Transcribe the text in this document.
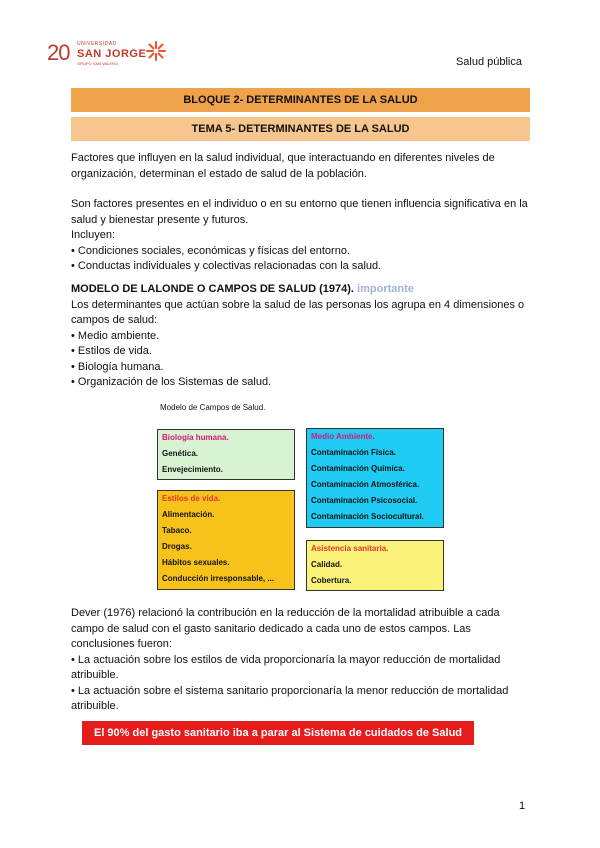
20 UNIVERSIDAD
SAN JORGE
GRUPO SAN VALERO	Salud pública
BLOQUE 2- DETERMINANTES DE LA SALUD
TEMA 5- DETERMINANTES DE LA SALUD

Factores que influyen en la salud individual, que interactuando en diferentes niveles de organización, determinan el estado de salud de la población.

Son factores presentes en el individuo o en su entorno que tienen influencia significativa en la salud y bienestar presente y futuros.

Incluyen:

• Condiciones sociales, económicas y físicas del entorno.

• Conductas individuales y colectivas relacionadas con la salud.

MODELO DE LALONDE O CAMPOS DE SALUD (1974). importante

Los determinantes que actúan sobre la salud de las personas los agrupa en 4 dimensiones o campos de salud:

• Medio ambiente.

• Estilos de vida.

• Biología humana.

• Organización de los Sistemas de salud.

Modelo de Campos de Salud.
Biología humana.
Genética.
Envejecimiento.
Medio Ambiente.
Contaminación Física.
Contaminación Química.
Contaminación Atmosférica.
Contaminación Psicosocial.
Contaminación Sociocultural.
Estilos de vida.
Alimentación.
Tabaco.
Drogas.
Hábitos sexuales.
Conducción irresponsable, ...
Asistencia sanitaria.
Calidad.
Cobertura.

Dever (1976) relacionó la contribución en la reducción de la mortalidad atribuible a cada campo de salud con el gasto sanitario dedicado a cada uno de estos campos. Las conclusiones fueron:

• La actuación sobre los estilos de vida proporcionaría la mayor reducción de mortalidad atribuible.

• La actuación sobre el sistema sanitario proporcionaría la menor reducción de mortalidad atribuible.

El 90% del gasto sanitario iba a parar al Sistema de cuidados de Salud
1
